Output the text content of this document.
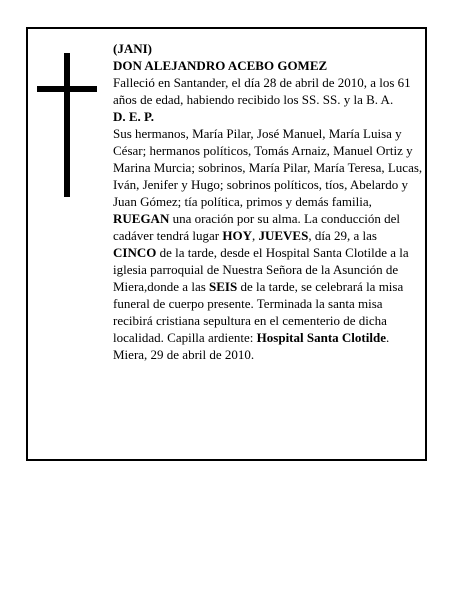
(JANI)

DON ALEJANDRO ACEBO GOMEZ

Falleció en Santander, el día 28 de abril de 2010, a los 61 años de edad, habiendo recibido los SS. SS. y la B. A.

D. E. P.

Sus hermanos, María Pilar, José Manuel, María Luisa y César; hermanos políticos, Tomás Arnaiz, Manuel Ortiz y Marina Murcia; sobrinos, María Pilar, María Teresa, Lucas, Iván, Jenifer y Hugo; sobrinos políticos, tíos, Abelardo y Juan Gómez; tía política, primos y demás familia,

RUEGAN una oración por su alma. La conducción del cadáver tendrá lugar HOY, JUEVES, día 29, a las CINCO de la tarde, desde el Hospital Santa Clotilde a la iglesia parroquial de Nuestra Señora de la Asunción de Miera,donde a las SEIS de la tarde, se celebrará la misa funeral de cuerpo presente. Terminada la santa misa recibirá cristiana sepultura en el cementerio de dicha localidad. Capilla ardiente: Hospital Santa Clotilde.

Miera, 29 de abril de 2010.
